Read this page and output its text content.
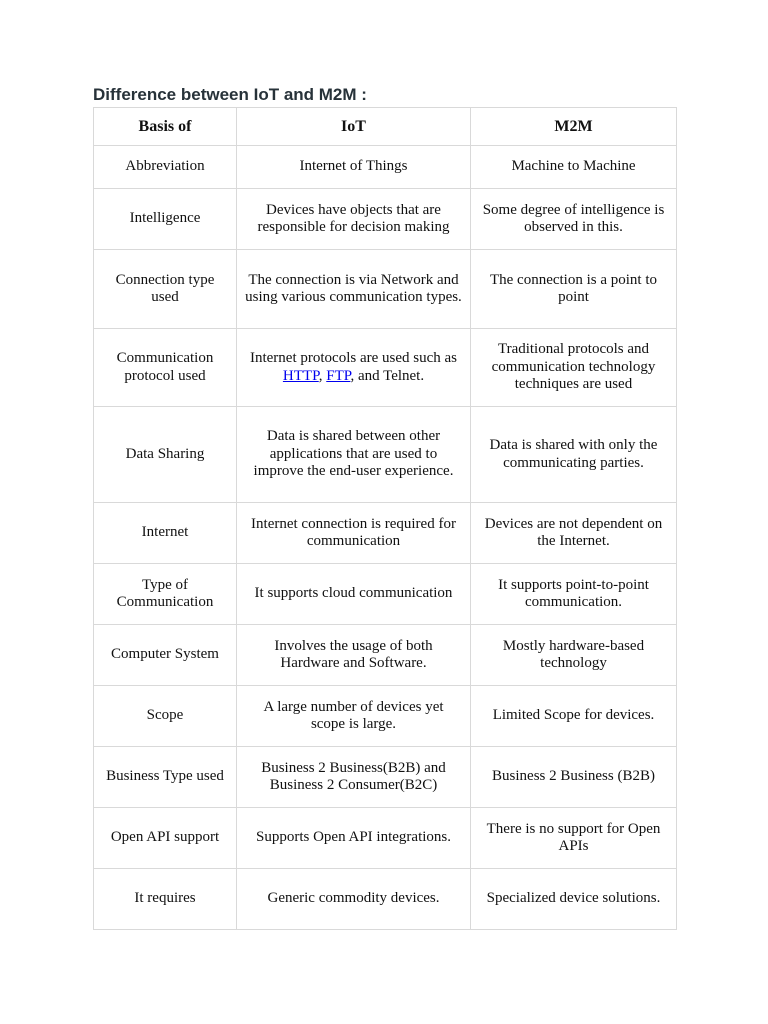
Difference between IoT and M2M :
Basis of	IoT	M2M
Abbreviation	Internet of Things	Machine to Machine
Intelligence	Devices have objects that are responsible for decision making	Some degree of intelligence is observed in this.
Connection type used	The connection is via Network and using various communication types.	The connection is a point to point
Communication protocol used	Internet protocols are used such as HTTP, FTP, and Telnet.	Traditional protocols and communication technology techniques are used
Data Sharing	Data is shared between other applications that are used to improve the end-user experience.	Data is shared with only the communicating parties.
Internet	Internet connection is required for communication	Devices are not dependent on the Internet.
Type of Communication	It supports cloud communication	It supports point-to-point communication.
Computer System	Involves the usage of both Hardware and Software.	Mostly hardware-based technology
Scope	A large number of devices yet scope is large.	Limited Scope for devices.
Business Type used	Business 2 Business(B2B) and Business 2 Consumer(B2C)	Business 2 Business (B2B)
Open API support	Supports Open API integrations.	There is no support for Open APIs
It requires	Generic commodity devices.	Specialized device solutions.
